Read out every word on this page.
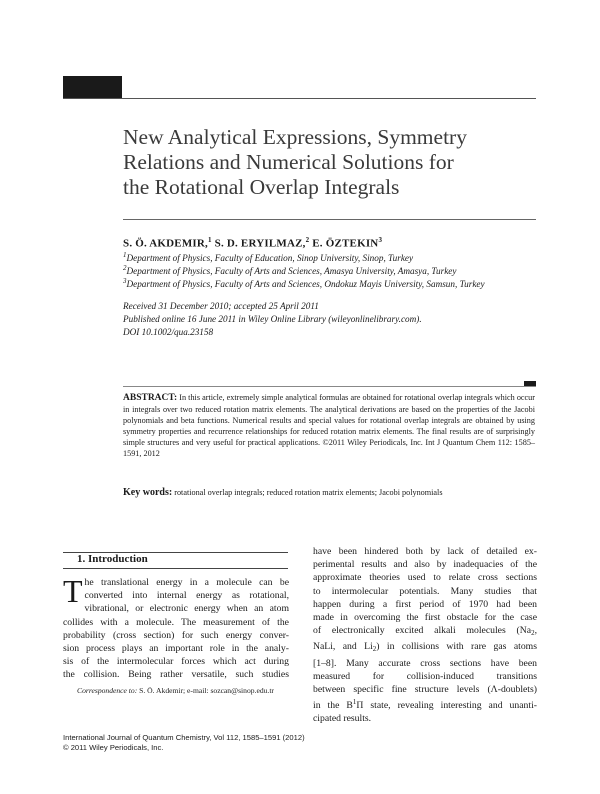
New Analytical Expressions, Symmetry
Relations and Numerical Solutions for
the Rotational Overlap Integrals
S. Ö. AKDEMIR,$^1$ S. D. ERYILMAZ,$^2$ E. ÖZTEKIN$^3$
$^1$Department of Physics, Faculty of Education, Sinop University, Sinop, Turkey
$^2$Department of Physics, Faculty of Arts and Sciences, Amasya University, Amasya, Turkey
$^3$Department of Physics, Faculty of Arts and Sciences, Ondokuz Mayis University, Samsun, Turkey
Received 31 December 2010; accepted 25 April 2011
Published online 16 June 2011 in Wiley Online Library (wileyonlinelibrary.com).
DOI 10.1002/qua.23158
ABSTRACT: In this article, extremely simple analytical formulas are obtained for rotational overlap integrals which occur in integrals over two reduced rotation matrix elements. The analytical derivations are based on the properties of the Jacobi polynomials and beta functions. Numerical results and special values for rotational overlap integrals are obtained by using symmetry properties and recurrence relationships for reduced rotation matrix elements. The final results are of surprisingly simple structures and very useful for practical applications. ©2011 Wiley Periodicals, Inc. Int J Quantum Chem 112: 1585–1591, 2012
Key words: rotational overlap integrals; reduced rotation matrix elements; Jacobi polynomials
1. Introduction
T he translational energy in a molecule can be
converted into internal energy as rotational,
vibrational, or electronic energy when an atom
collides with a molecule. The measurement of the
probability (cross section) for such energy conver-
sion process plays an important role in the analy-
sis of the intermolecular forces which act during
the collision. Being rather versatile, such studies
Correspondence to: S. Ö. Akdemir; e-mail: sozcan@sinop.edu.tr
have been hindered both by lack of detailed ex-
perimental results and also by inadequacies of the
approximate theories used to relate cross sections
to intermolecular potentials. Many studies that
happen during a first period of 1970 had been
made in overcoming the first obstacle for the case
of electronically excited alkali molecules ($Na_2$,
NaLi, and $Li_2$) in collisions with rare gas atoms
[1–8]. Many accurate cross sections have been
measured for collision-induced transitions
between specific fine structure levels (Λ-doublets)
in the $B^1\Pi$ state, revealing interesting and unanti-
cipated results.
International Journal of Quantum Chemistry, Vol 112, 1585–1591 (2012)
© 2011 Wiley Periodicals, Inc.
